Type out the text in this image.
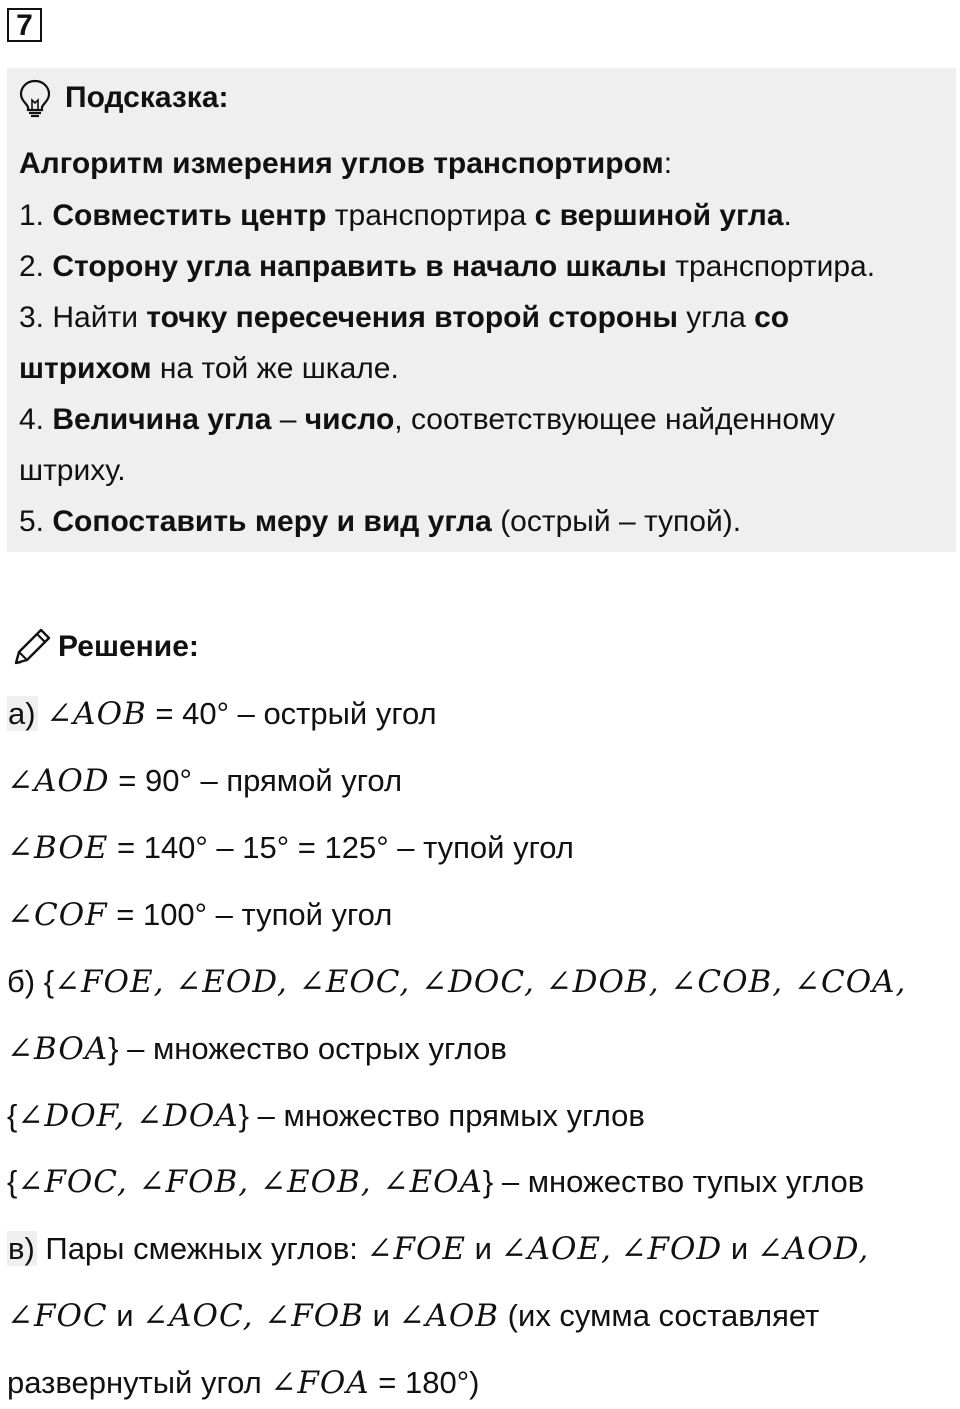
7
Подсказка:
Алгоритм измерения углов транспортиром:
1. Совместить центр транспортира с вершиной угла.
2. Сторону угла направить в начало шкалы транспортира.
3. Найти точку пересечения второй стороны угла со
штрихом на той же шкале.
4. Величина угла – число, соответствующее найденному
штриху.
5. Сопоставить меру и вид угла (острый – тупой).
Решение:
а) ∠AOB = 40° – острый угол
∠AOD = 90° – прямой угол
∠BOE = 140° – 15° = 125° – тупой угол
∠COF = 100° – тупой угол
б) {∠FOE, ∠EOD, ∠EOC, ∠DOC, ∠DOB, ∠COB, ∠COA,
∠BOA} – множество острых углов
{∠DOF, ∠DOA} – множество прямых углов
{∠FOC, ∠FOB, ∠EOB, ∠EOA} – множество тупых углов
в) Пары смежных углов: ∠FOE и ∠AOE, ∠FOD и ∠AOD,
∠FOC и ∠AOC, ∠FOB и ∠AOB (их сумма составляет
развернутый угол ∠FOA = 180°)
